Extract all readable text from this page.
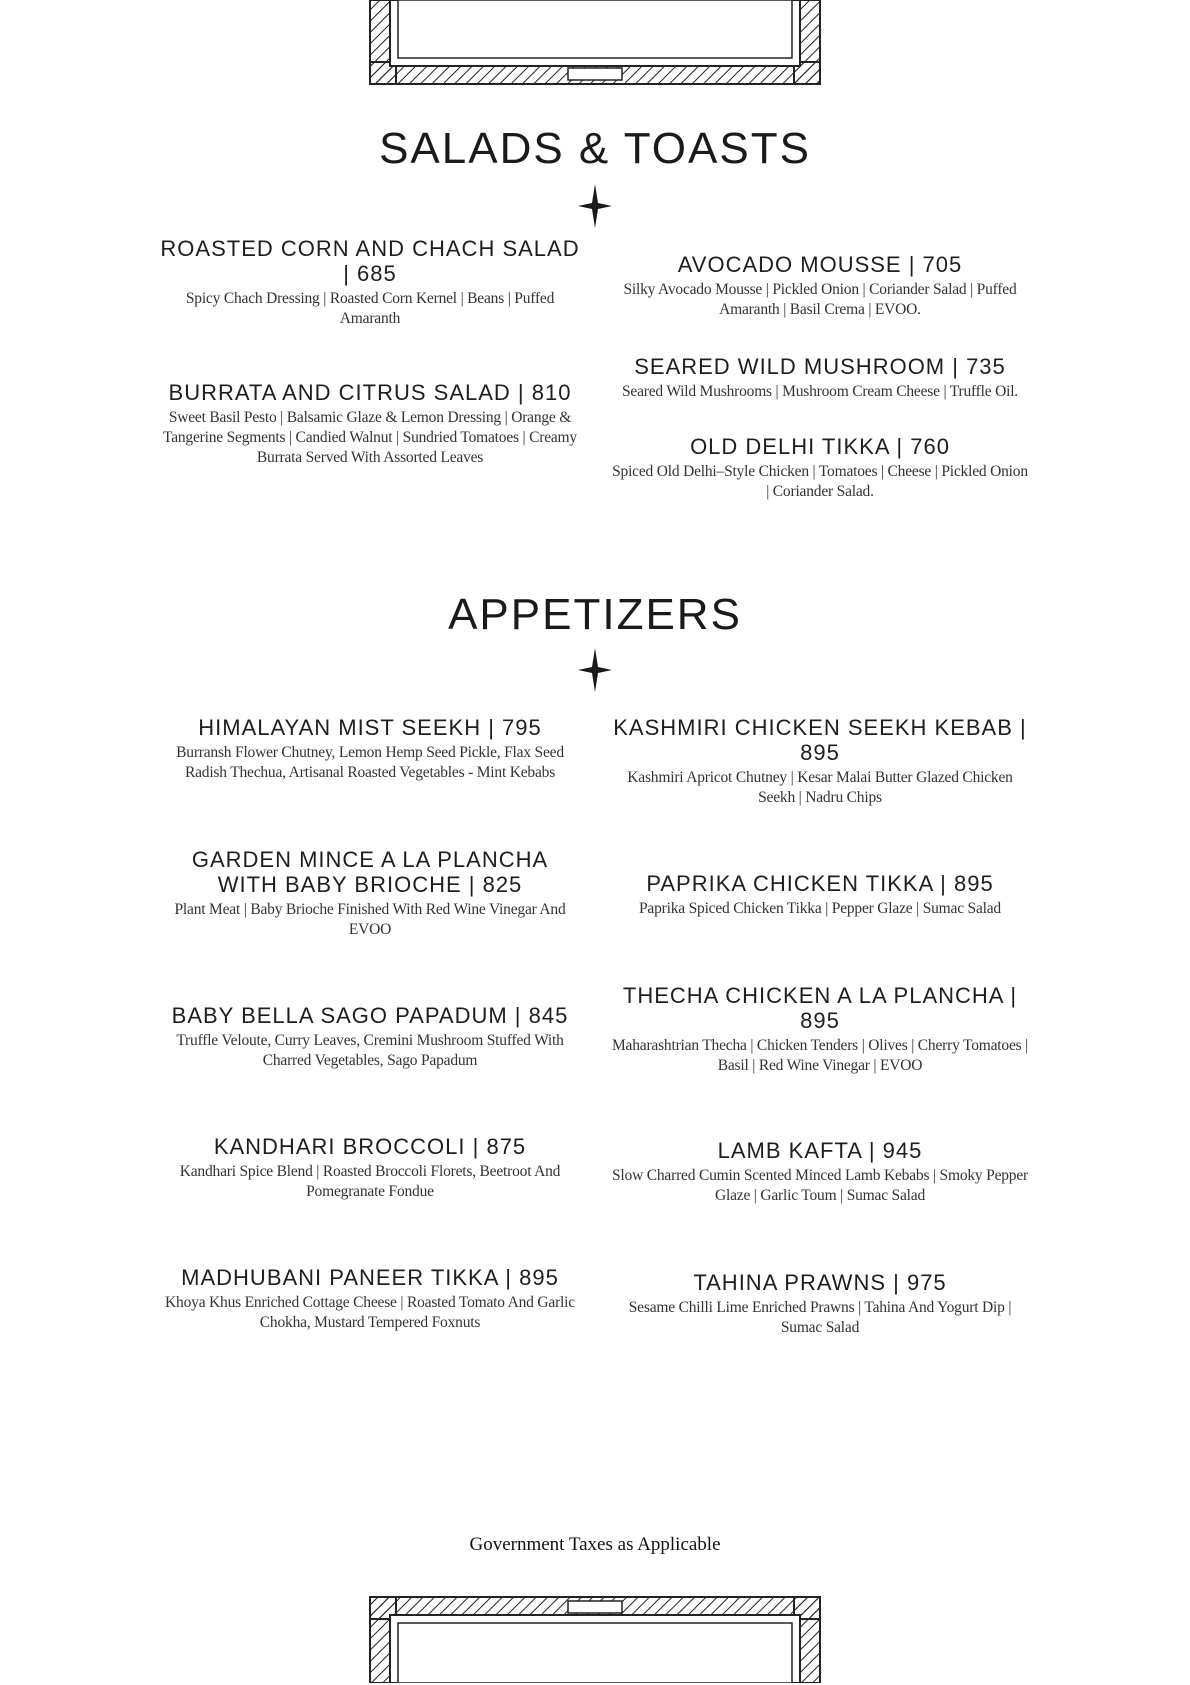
SALADS & TOASTS

ROASTED CORN AND CHACH SALAD | 685

Spicy Chach Dressing | Roasted Corn Kernel | Beans | Puffed Amaranth

BURRATA AND CITRUS SALAD | 810

Sweet Basil Pesto | Balsamic Glaze & Lemon Dressing | Orange & Tangerine Segments | Candied Walnut | Sundried Tomatoes | Creamy Burrata Served With Assorted Leaves

AVOCADO MOUSSE | 705

Silky Avocado Mousse | Pickled Onion | Coriander Salad | Puffed Amaranth | Basil Crema | EVOO.

SEARED WILD MUSHROOM | 735

Seared Wild Mushrooms | Mushroom Cream Cheese | Truffle Oil.

OLD DELHI TIKKA | 760

Spiced Old Delhi–Style Chicken | Tomatoes | Cheese | Pickled Onion | Coriander Salad.

APPETIZERS

HIMALAYAN MIST SEEKH | 795

Burransh Flower Chutney, Lemon Hemp Seed Pickle, Flax Seed Radish Thechua, Artisanal Roasted Vegetables - Mint Kebabs

GARDEN MINCE A LA PLANCHA WITH BABY BRIOCHE | 825

Plant Meat | Baby Brioche Finished With Red Wine Vinegar And EVOO

BABY BELLA SAGO PAPADUM | 845

Truffle Veloute, Curry Leaves, Cremini Mushroom Stuffed With Charred Vegetables, Sago Papadum

KANDHARI BROCCOLI | 875

Kandhari Spice Blend | Roasted Broccoli Florets, Beetroot And Pomegranate Fondue

MADHUBANI PANEER TIKKA | 895

Khoya Khus Enriched Cottage Cheese | Roasted Tomato And Garlic Chokha, Mustard Tempered Foxnuts

KASHMIRI CHICKEN SEEKH KEBAB | 895

Kashmiri Apricot Chutney | Kesar Malai Butter Glazed Chicken Seekh | Nadru Chips

PAPRIKA CHICKEN TIKKA | 895

Paprika Spiced Chicken Tikka | Pepper Glaze | Sumac Salad

THECHA CHICKEN A LA PLANCHA | 895

Maharashtrian Thecha | Chicken Tenders | Olives | Cherry Tomatoes | Basil | Red Wine Vinegar | EVOO

LAMB KAFTA | 945

Slow Charred Cumin Scented Minced Lamb Kebabs | Smoky Pepper Glaze | Garlic Toum | Sumac Salad

TAHINA PRAWNS | 975

Sesame Chilli Lime Enriched Prawns | Tahina And Yogurt Dip | Sumac Salad

Government Taxes as Applicable
